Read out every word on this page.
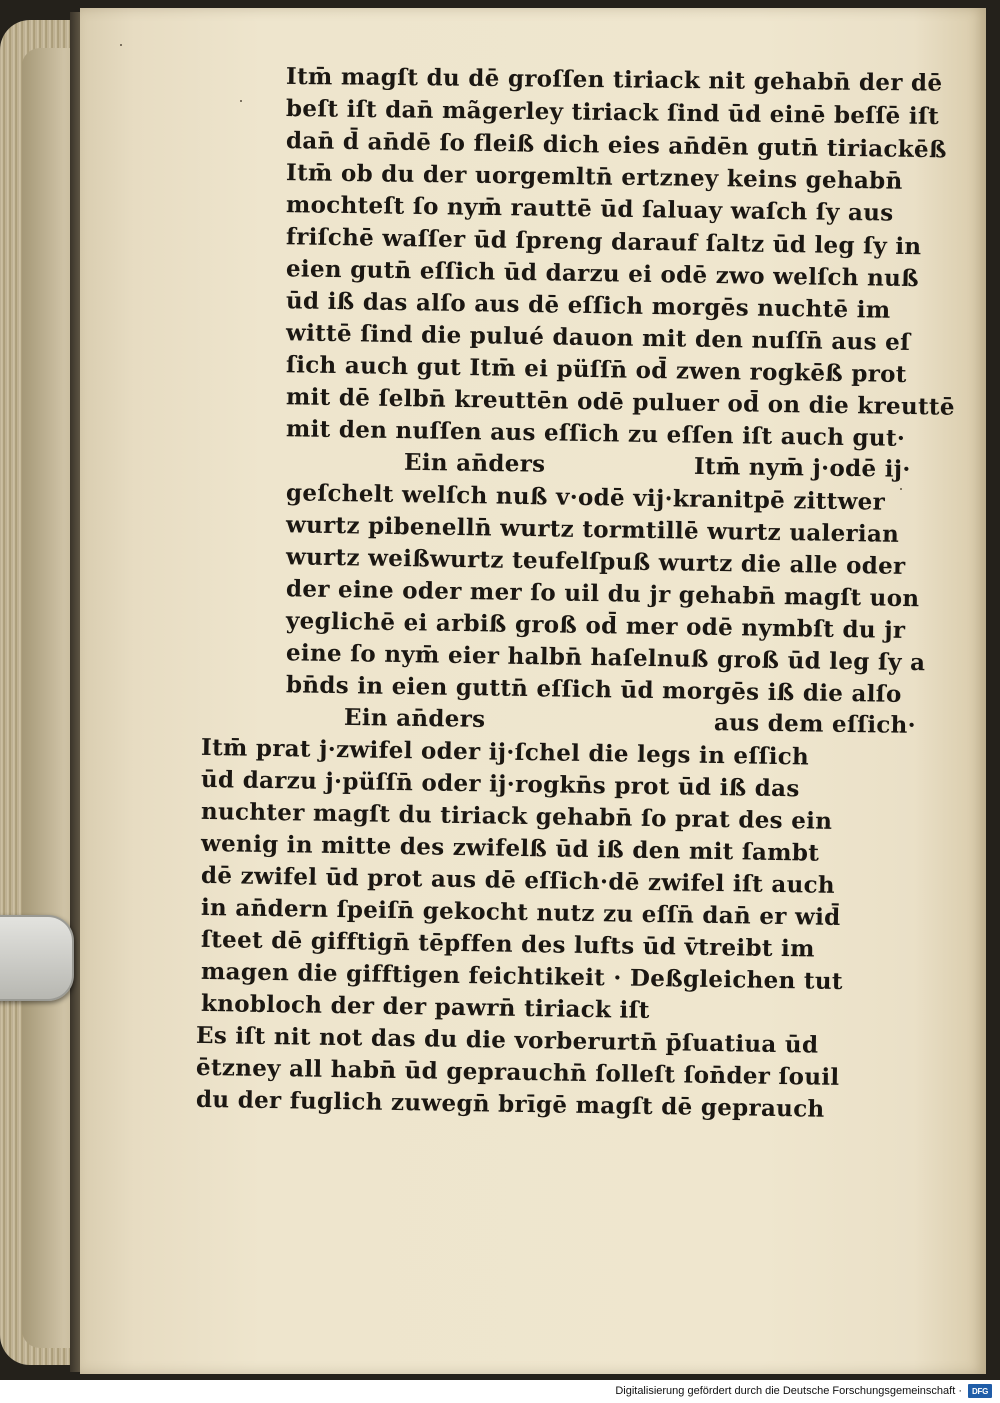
Itm̄ magſt du dē groſſen tiriack nit gehabn̄ der dē
beſt iſt dan̄ mãgerley tiriack ſind ūd einē beſſē iſt
dan̄ d̄ an̄dē ſo fleiß dich eies an̄dēn gutn̄ tiriackēß
Itm̄ ob du der uorgemltn̄ ertzney keins gehabn̄
mochteſt ſo nym̄ rauttē ūd ſaluay waſch ſy aus
friſchē waſſer ūd ſpreng darauf ſaltz ūd leg ſy in
eien gutn̄ eſſich ūd darzu ei odē zwo welſch nuß
ūd iß das alſo aus dē eſſich morgēs nuchtē im
wittē ſind die pulué dauon mit den nuſſn̄ aus eſ
ſich auch gut Itm̄ ei püſſn̄ od̄ zwen rogkēß prot
mit dē ſelbn̄ kreuttēn odē puluer od̄ on die kreuttē
mit den nuſſen aus eſſich zu eſſen iſt auch gut·
Ein an̄ders	Itm̄ nym̄ j·odē ij·
geſchelt welſch nuß v·odē vij·kranitpē zittwer
wurtz pibenelln̄ wurtz tormtillē wurtz ualerian
wurtz weißwurtz teufelſpuß wurtz die alle oder
der eine oder mer ſo uil du jr gehabn̄ magſt uon
yeglichē ei arbiß groß od̄ mer odē nymbſt du jr
eine ſo nym̄ eier halbn̄ haſelnuß groß ūd leg ſy a
bn̄ds in eien guttn̄ eſſich ūd morgēs iß die alſo
Ein an̄ders	aus dem eſſich·
Itm̄ prat j·zwifel oder ij·ſchel die legs in eſſich
ūd darzu j·püſſn̄ oder ij·rogkn̄s prot ūd iß das
nuchter magſt du tiriack gehabn̄ ſo prat des ein
wenig in mitte des zwifelß ūd iß den mit ſambt
dē zwifel ūd prot aus dē eſſich·dē zwifel iſt auch
in an̄dern ſpeiſn̄ gekocht nutz zu eſſn̄ dan̄ er wid̄
ſteet dē gifftign̄ tēpffen des lufts ūd v̄treibt im
magen die gifftigen feichtikeit · Deßgleichen tut
knobloch der der pawrn̄ tiriack iſt
Es iſt nit not das du die vorberurtn̄ p̄ſuatiua ūd
ētzney all habn̄ ūd geprauchn̄ ſolleſt ſon̄der ſouil
du der fuglich zuwegn̄ brīgē magſt dē geprauch
Digitalisierung gefördert durch die Deutsche Forschungsgemeinschaft ·	DFG
